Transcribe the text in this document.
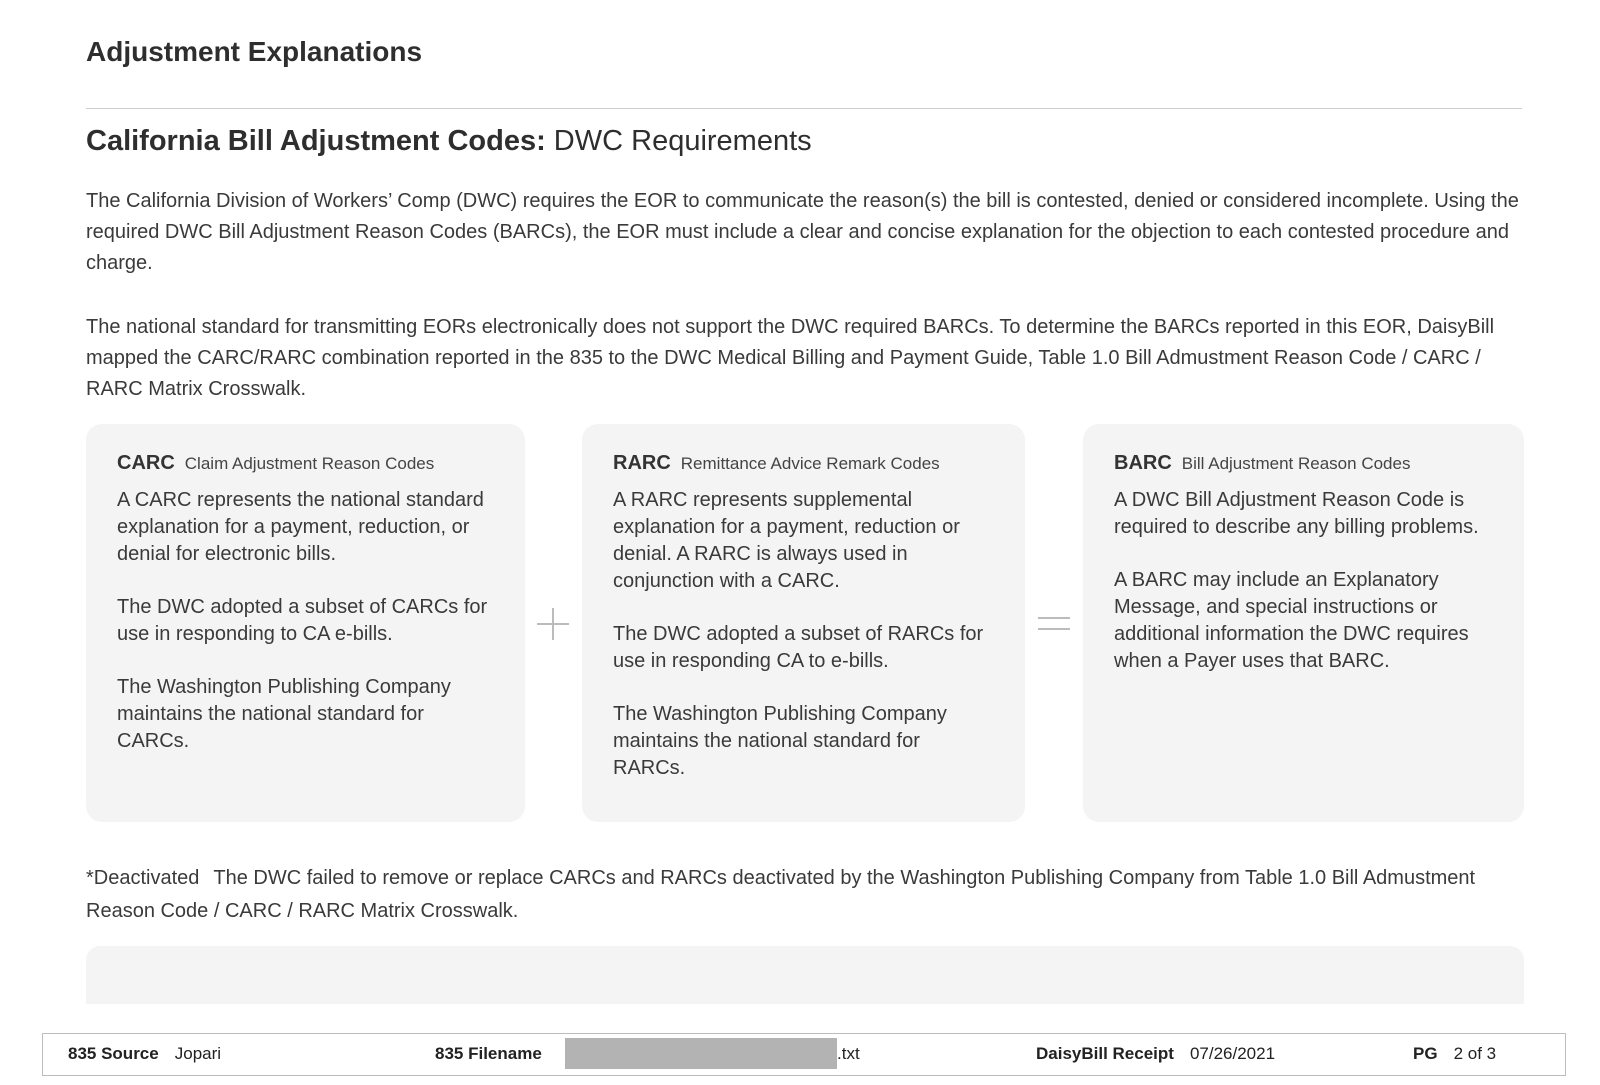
Adjustment Explanations
California Bill Adjustment Codes: DWC Requirements

The California Division of Workers’ Comp (DWC) requires the EOR to communicate the reason(s) the bill is contested, denied or considered incomplete. Using the required DWC Bill Adjustment Reason Codes (BARCs), the EOR must include a clear and concise explanation for the objection to each contested procedure and charge.

The national standard for transmitting EORs electronically does not support the DWC required BARCs. To determine the BARCs reported in this EOR, DaisyBill mapped the CARC/RARC combination reported in the 835 to the DWC Medical Billing and Payment Guide, Table 1.0 Bill Admustment Reason Code / CARC / RARC Matrix Crosswalk.

CARC Claim Adjustment Reason Codes

A CARC represents the national standard explanation for a payment, reduction, or denial for electronic bills.

The DWC adopted a subset of CARCs for use in responding to CA e-bills.

The Washington Publishing Company maintains the national standard for CARCs.

RARC Remittance Advice Remark Codes

A RARC represents supplemental explanation for a payment, reduction or denial. A RARC is always used in conjunction with a CARC.

The DWC adopted a subset of RARCs for use in responding CA to e-bills.

The Washington Publishing Company maintains the national standard for RARCs.

BARC Bill Adjustment Reason Codes

A DWC Bill Adjustment Reason Code is required to describe any billing problems.

A BARC may include an Explanatory Message, and special instructions or additional information the DWC requires when a Payer uses that BARC.

*Deactivated The DWC failed to remove or replace CARCs and RARCs deactivated by the Washington Publishing Company from Table 1.0 Bill Admustment Reason Code / CARC / RARC Matrix Crosswalk.

835 Source Jopari	835 Filename	.txt	DaisyBill Receipt 07/26/2021	PG 2 of 3
